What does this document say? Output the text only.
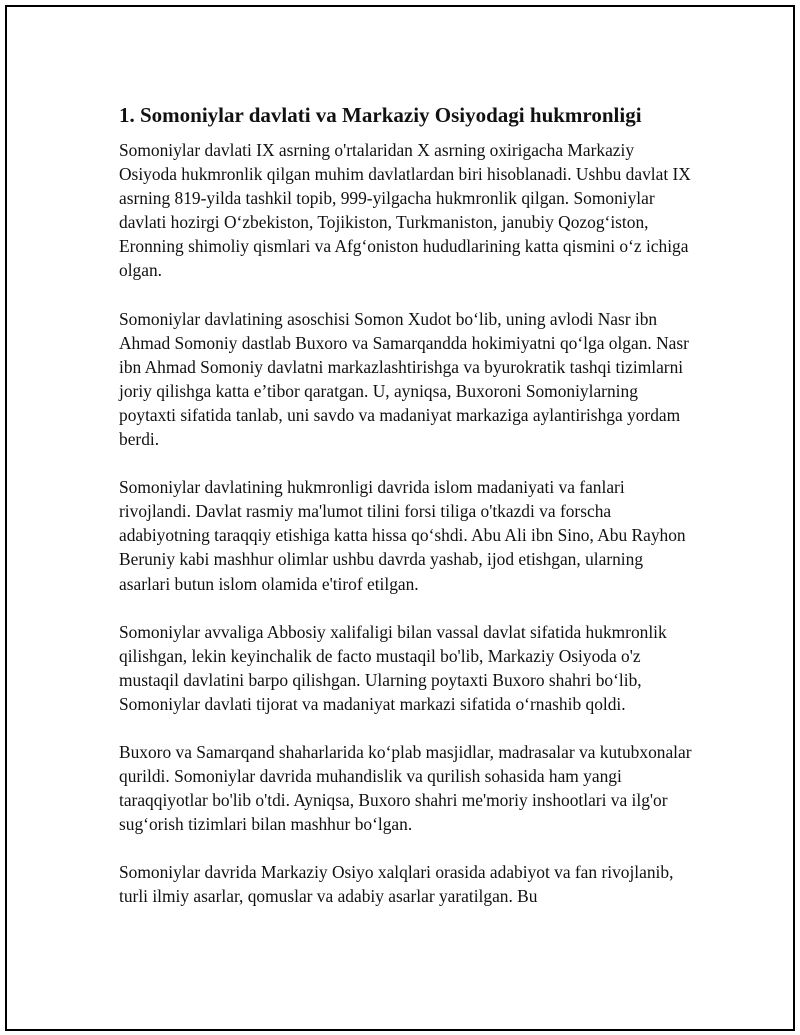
1. Somoniylar davlati va Markaziy Osiyodagi hukmronligi

Somoniylar davlati IX asrning o'rtalaridan X asrning oxirigacha Markaziy Osiyoda hukmronlik qilgan muhim davlatlardan biri hisoblanadi. Ushbu davlat IX asrning 819-yilda tashkil topib, 999-yilgacha hukmronlik qilgan. Somoniylar davlati hozirgi O‘zbekiston, Tojikiston, Turkmaniston, janubiy Qozog‘iston, Eronning shimoliy qismlari va Afg‘oniston hududlarining katta qismini o‘z ichiga olgan.

Somoniylar davlatining asoschisi Somon Xudot bo‘lib, uning avlodi Nasr ibn Ahmad Somoniy dastlab Buxoro va Samarqandda hokimiyatni qo‘lga olgan. Nasr ibn Ahmad Somoniy davlatni markazlashtirishga va byurokratik tashqi tizimlarni joriy qilishga katta e’tibor qaratgan. U, ayniqsa, Buxoroni Somoniylarning poytaxti sifatida tanlab, uni savdo va madaniyat markaziga aylantirishga yordam berdi.

Somoniylar davlatining hukmronligi davrida islom madaniyati va fanlari rivojlandi. Davlat rasmiy ma'lumot tilini forsi tiliga o'tkazdi va forscha adabiyotning taraqqiy etishiga katta hissa qo‘shdi. Abu Ali ibn Sino, Abu Rayhon Beruniy kabi mashhur olimlar ushbu davrda yashab, ijod etishgan, ularning asarlari butun islom olamida e'tirof etilgan.

Somoniylar avvaliga Abbosiy xalifaligi bilan vassal davlat sifatida hukmronlik qilishgan, lekin keyinchalik de facto mustaqil bo'lib, Markaziy Osiyoda o'z mustaqil davlatini barpo qilishgan. Ularning poytaxti Buxoro shahri bo‘lib, Somoniylar davlati tijorat va madaniyat markazi sifatida o‘rnashib qoldi.

Buxoro va Samarqand shaharlarida ko‘plab masjidlar, madrasalar va kutubxonalar qurildi. Somoniylar davrida muhandislik va qurilish sohasida ham yangi taraqqiyotlar bo'lib o'tdi. Ayniqsa, Buxoro shahri me'moriy inshootlari va ilg'or sug‘orish tizimlari bilan mashhur bo‘lgan.

Somoniylar davrida Markaziy Osiyo xalqlari orasida adabiyot va fan rivojlanib, turli ilmiy asarlar, qomuslar va adabiy asarlar yaratilgan. Bu
